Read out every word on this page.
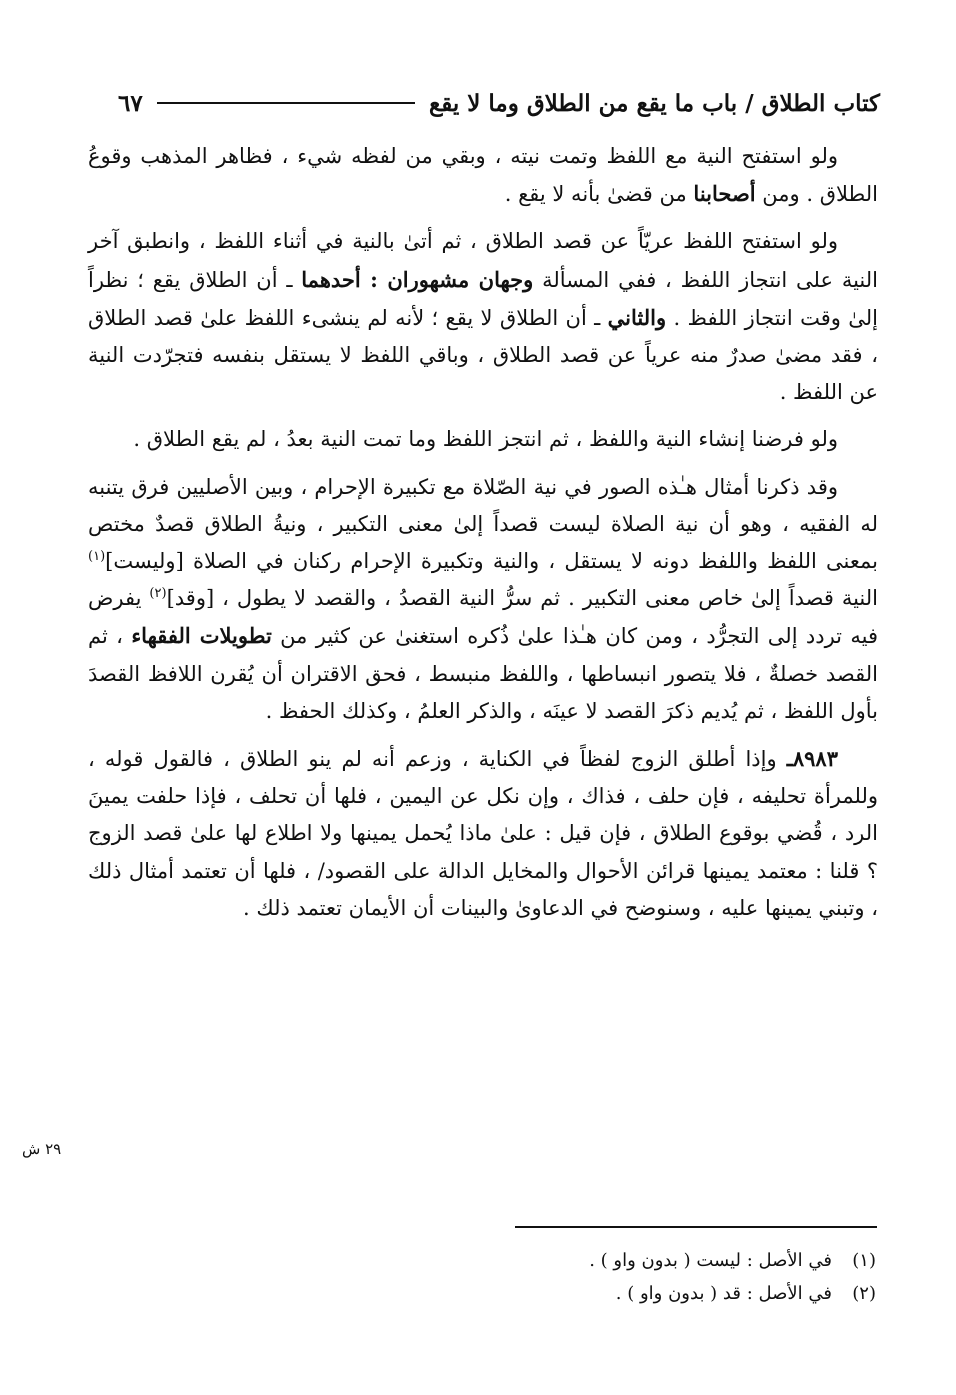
كتاب الطلاق / باب ما يقع من الطلاق وما لا يقع
٦٧

ولو استفتح النية مع اللفظ وتمت نيته ، وبقي من لفظه شيء ، فظاهر المذهب وقوعُ الطلاق . ومن أصحابنا من قضىٰ بأنه لا يقع .

ولو استفتح اللفظ عريّاً عن قصد الطلاق ، ثم أتىٰ بالنية في أثناء اللفظ ، وانطبق آخر النية على انتجاز اللفظ ، ففي المسألة وجهان مشهوران : أحدهما ـ أن الطلاق يقع ؛ نظراً إلىٰ وقت انتجاز اللفظ . والثاني ـ أن الطلاق لا يقع ؛ لأنه لم ينشىء اللفظ علىٰ قصد الطلاق ، فقد مضىٰ صدرٌ منه عرياً عن قصد الطلاق ، وباقي اللفظ لا يستقل بنفسه فتجرّدت النية عن اللفظ .

ولو فرضنا إنشاء النية واللفظ ، ثم انتجز اللفظ وما تمت النية بعدُ ، لم يقع الطلاق .

وقد ذكرنا أمثال هـٰذه الصور في نية الصّلاة مع تكبيرة الإحرام ، وبين الأصليين فرق يتنبه له الفقيه ، وهو أن نية الصلاة ليست قصداً إلىٰ معنى التكبير ، ونيةُ الطلاق قصدٌ مختص بمعنى اللفظ واللفظ دونه لا يستقل ، والنية وتكبيرة الإحرام ركنان في الصلاة [وليست]$^{(١)}$ النية قصداً إلىٰ خاص معنى التكبير . ثم سرُّ النية القصدُ ، والقصد لا يطول ، [وقد]$^{(٢)}$ يفرض فيه تردد إلى التجرُّد ، ومن كان هـٰذا علىٰ ذُكره استغنىٰ عن كثير من تطويلات الفقهاء ، ثم القصد خصلةٌ ، فلا يتصور انبساطها ، واللفظ منبسط ، فحق الاقتران أن يُقرن اللافظ القصدَ بأول اللفظ ، ثم يُديم ذكرَ القصد لا عينَه ، والذكر العلمُ ، وكذلك الحفظ .

٨٩٨٣ـ وإذا أطلق الزوج لفظاً في الكناية ، وزعم أنه لم ينو الطلاق ، فالقول قوله ، وللمرأة تحليفه ، فإن حلف ، فذاك ، وإن نكل عن اليمين ، فلها أن تحلف ، فإذا حلفت يمينَ الرد ، قُضي بوقوع الطلاق ، فإن قيل : علىٰ ماذا يُحمل يمينها ولا اطلاع لها علىٰ قصد الزوج ؟ قلنا : معتمد يمينها قرائن الأحوال والمخايل الدالة على القصود/ ، فلها أن تعتمد أمثال ذلك ، وتبني يمينها عليه ، وسنوضح في الدعاوىٰ والبينات أن الأيمان تعتمد ذلك .

٢٩ ش
(١)في الأصل : ليست ( بدون واو ) .
(٢)في الأصل : قد ( بدون واو ) .
